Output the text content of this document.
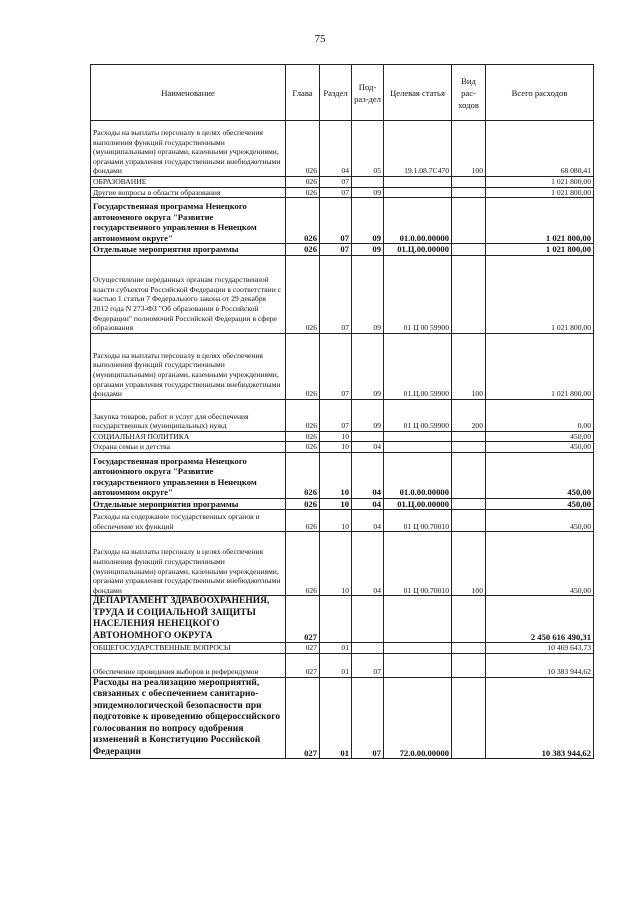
75
Наименование	Глава	Раздел	Под-раз-дел	Целевая статья	Вид рас-ходов	Всего расходов
Расходы на выплаты персоналу в целях обеспечения выполнения функций государственными (муниципальными) органами, казенными учреждениями, органами управления государственными внебюджетными фондами	026	04	05	19.1.08.7С470	100	68 080,41
ОБРАЗОВАНИЕ	026	07				1 021 800,00
Другие вопросы в области образования	026	07	09			1 021 800,00
Государственная программа Ненецкого автономного округа "Развитие государственного управления в Ненецком автономном округе"	026	07	09	01.0.00.00000		1 021 800,00
Отдельные мероприятия программы	026	07	09	01.Ц.00.00000		1 021 800,00
Осуществление переданных органам государственной власти субъектов Российской Федерации в соответствии с частью 1 статьи 7 Федерального закона от 29 декабря 2012 года N 273-ФЗ "Об образовании в Российской Федерации" полномочий Российской Федерации в сфере образования	026	07	09	01 Ц 00 59900		1 021 800,00
Расходы на выплаты персоналу в целях обеспечения выполнения функций государственными (муниципальными) органами, казенными учреждениями, органами управления государственными внебюджетными фондами	026	07	09	01.Ц.00 59900	100	1 021 800,00
Закупка товаров, работ и услуг для обеспечения государственных (муниципальных) нужд	026	07	09	01 Ц 00.59900	200	0,00
СОЦИАЛЬНАЯ ПОЛИТИКА	026	10				450,00
Охрана семьи и детства	026	10	04			450,00
Государственная программа Ненецкого автономного округа "Развитие государственного управления в Ненецком автономном округе"	026	10	04	01.0.00.00000		450,00
Отдельные мероприятия программы	026	10	04	01.Ц.00.00000		450,00
Расходы на содержание государственных органов и обеспечение их функций	026	10	04	01 Ц 00.70010		450,00
Расходы на выплаты персоналу в целях обеспечения выполнения функций государственными (муниципальными) органами, казенными учреждениями, органами управления государственными внебюджетными фондами	026	10	04	01 Ц 00.70010	100	450,00
ДЕПАРТАМЕНТ ЗДРАВООХРАНЕНИЯ, ТРУДА И СОЦИАЛЬНОЙ ЗАЩИТЫ НАСЕЛЕНИЯ НЕНЕЦКОГО АВТОНОМНОГО ОКРУГА	027					2 450 616 490,31
ОБЩЕГОСУДАРСТВЕННЫЕ ВОПРОСЫ	027	01				10 469 643,73
Обеспечение проведения выборов и референдумов	027	01	07			10 383 944,62
Расходы на реализацию мероприятий, связанных с обеспечением санитарно-эпидемиологической безопасности при подготовке к проведению общероссийского голосования по вопросу одобрения изменений в Конституцию Российской Федерации	027	01	07	72.0.00.00000		10 383 944,62
